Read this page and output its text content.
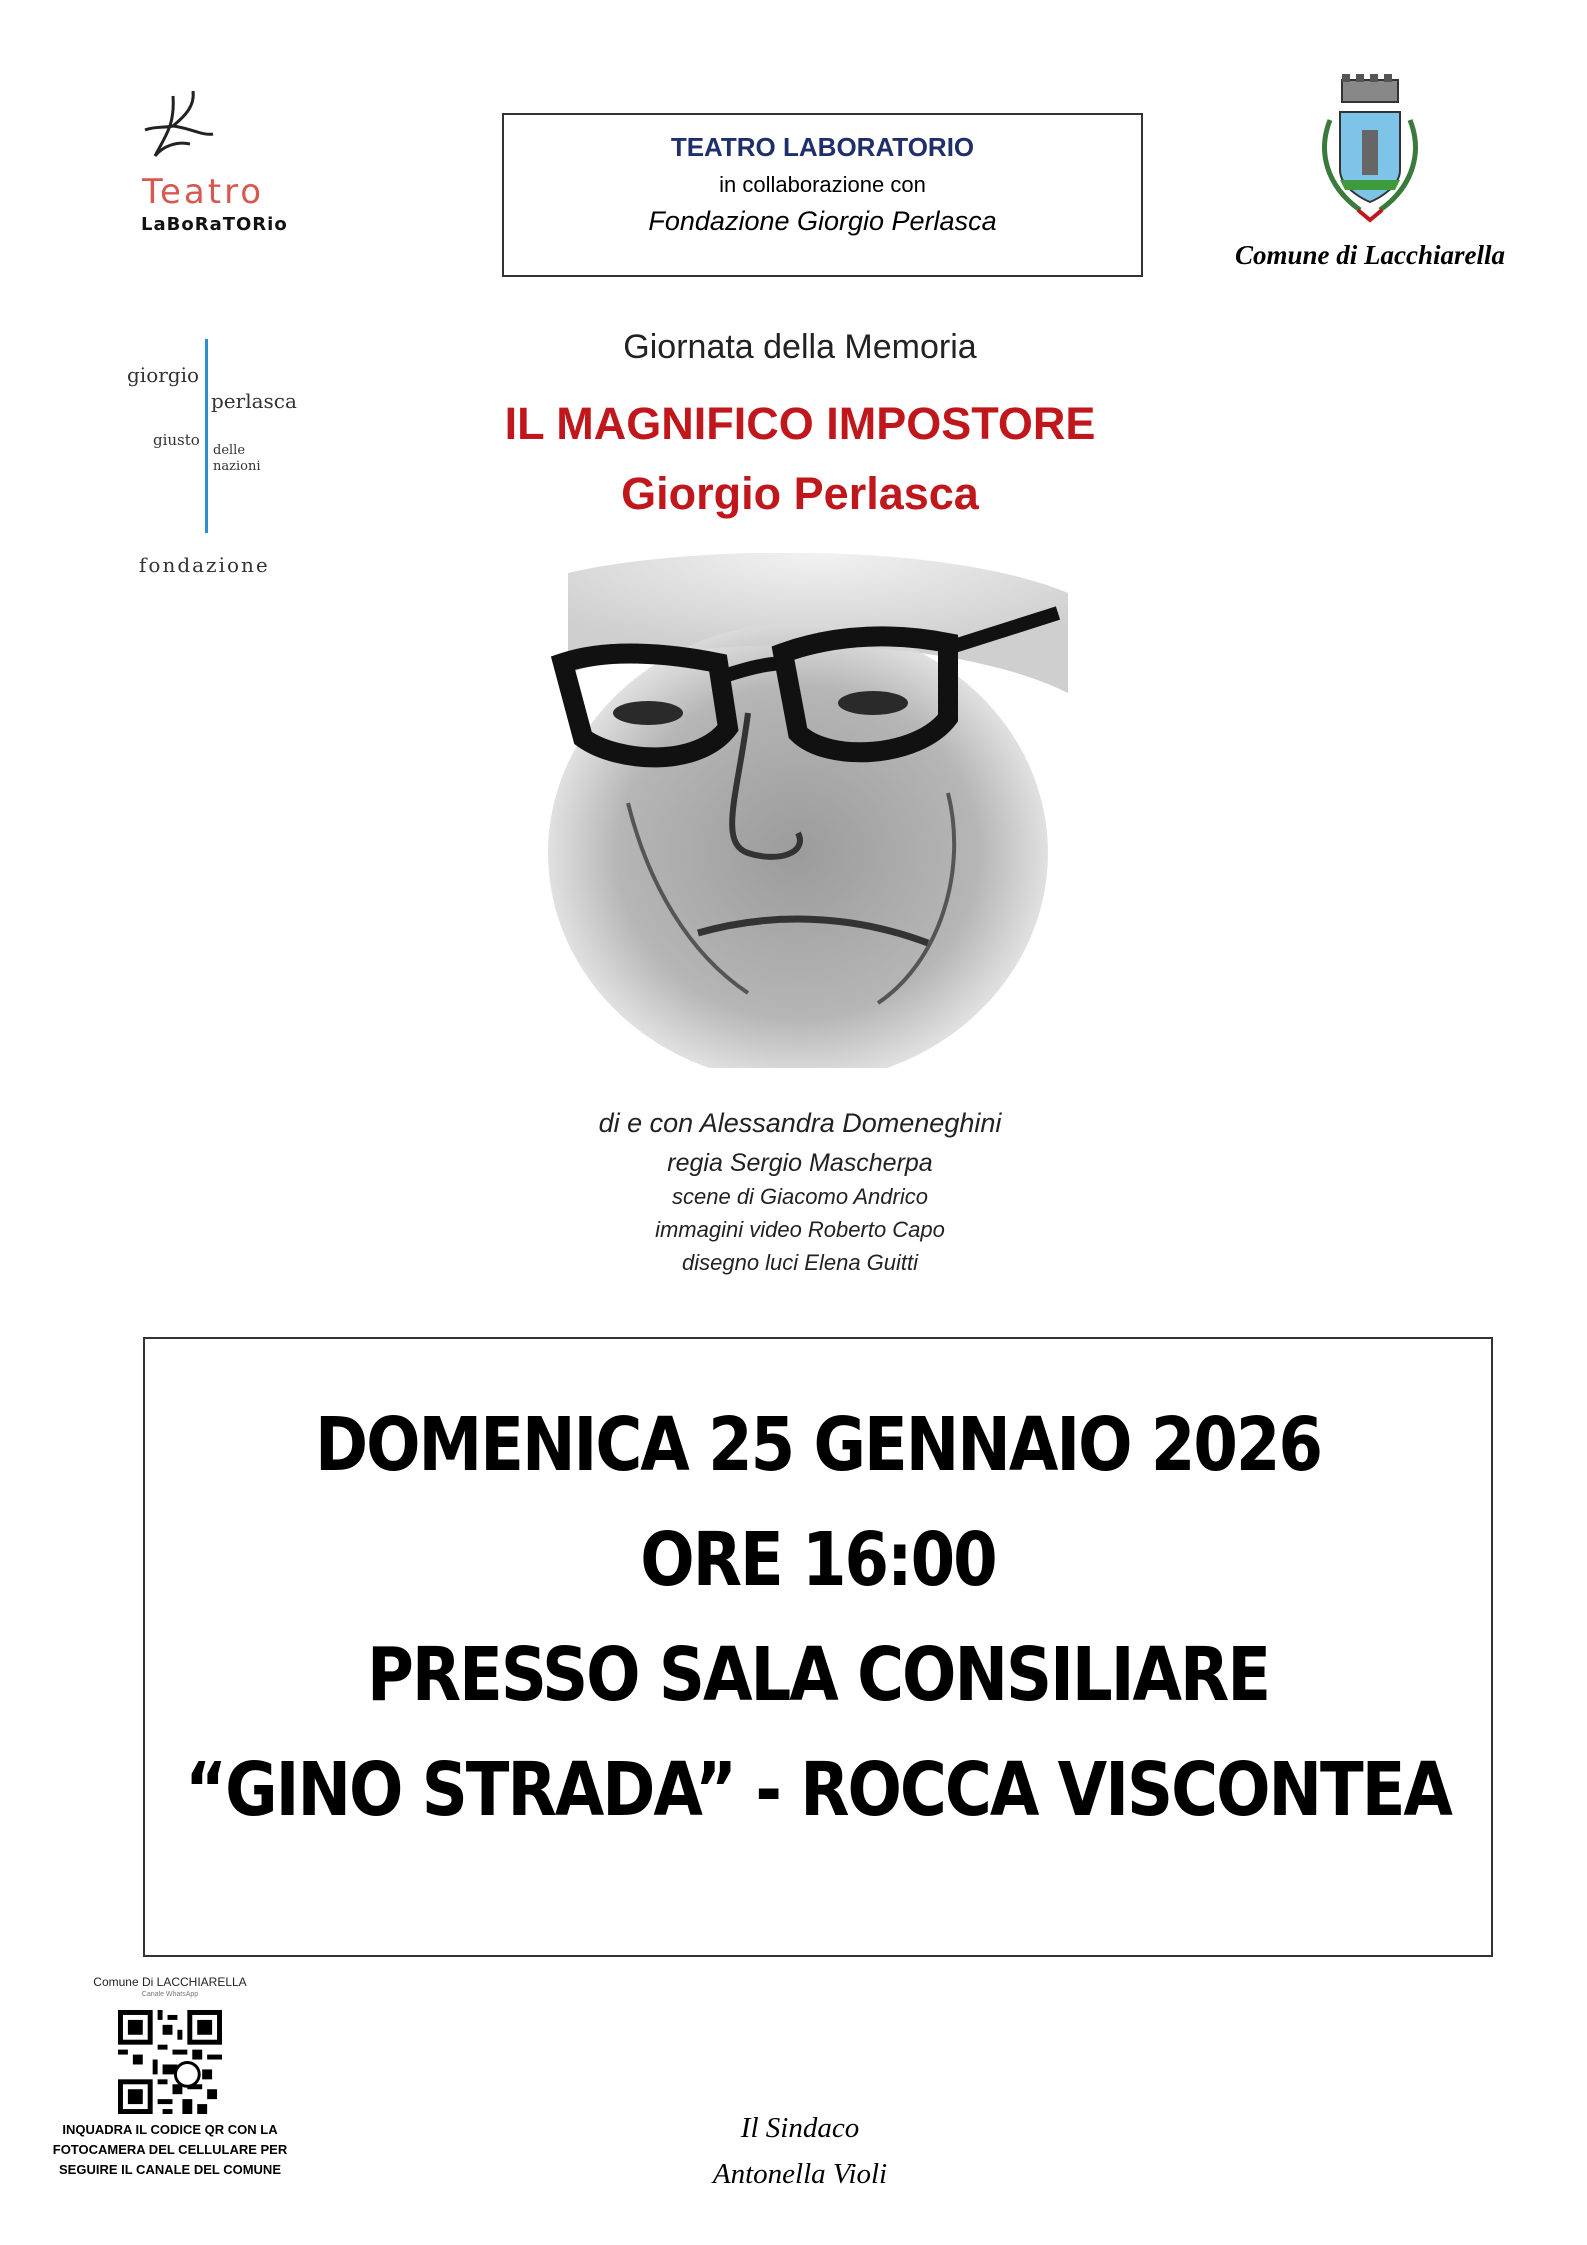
Teatro
LaBoRaTORio
TEATRO LABORATORIO
in collaborazione con
Fondazione Giorgio Perlasca
Comune di Lacchiarella
giorgio
perlasca
giusto
delle
nazioni
fondazione
Giornata della Memoria
IL MAGNIFICO IMPOSTORE
Giorgio Perlasca
di e con Alessandra Domeneghini
regia Sergio Mascherpa
scene di Giacomo Andrico
immagini video Roberto Capo
disegno luci Elena Guitti
DOMENICA 25 GENNAIO 2026
ORE 16:00
PRESSO SALA CONSILIARE
“GINO STRADA” - ROCCA VISCONTEA
Comune Di LACCHIARELLA
Canale WhatsApp
INQUADRA IL CODICE QR CON LA FOTOCAMERA DEL CELLULARE PER SEGUIRE IL CANALE DEL COMUNE
Il Sindaco
Antonella Violi
